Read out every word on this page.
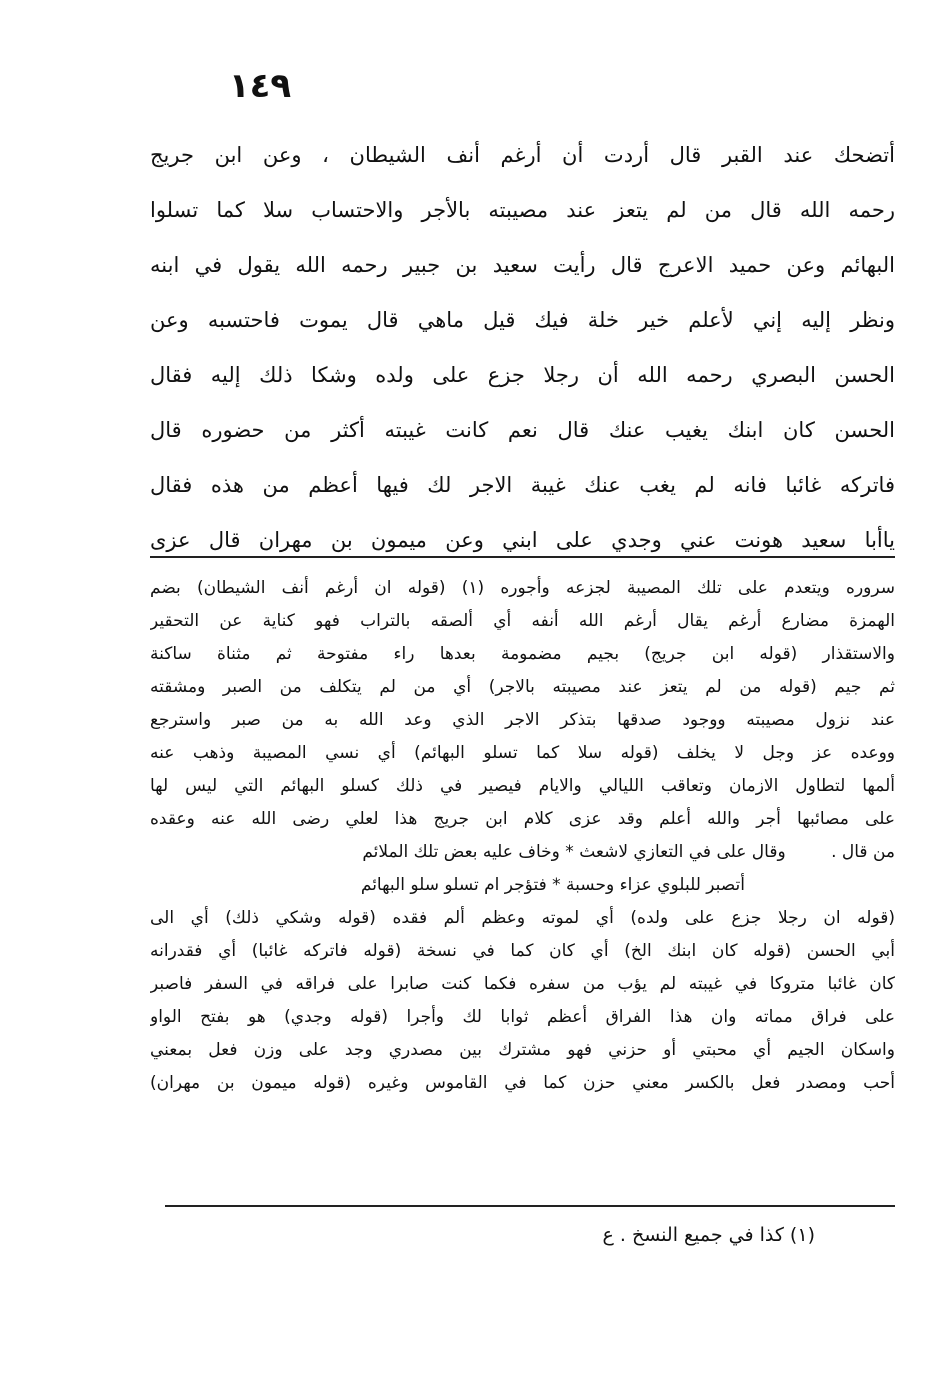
١٤٩
أتضحك عند القبر قال أردت أن أرغم أنف الشيطان ، وعن ابن جريج
رحمه الله قال من لم يتعز عند مصيبته بالأجر والاحتساب سلا كما تسلوا
البهائم وعن حميد الاعرج قال رأيت سعيد بن جبير رحمه الله يقول في ابنه
ونظر إليه إني لأعلم خير خلة فيك قيل ماهي قال يموت فاحتسبه وعن
الحسن البصري رحمه الله أن رجلا جزع على ولده وشكا ذلك إليه فقال
الحسن كان ابنك يغيب عنك قال نعم كانت غيبته أكثر من حضوره قال
فاتركه غائبا فانه لم يغب عنك غيبة الاجر لك فيها أعظم من هذه فقال
ياأبا سعيد هونت عني وجدي على ابني وعن ميمون بن مهران قال عزى
سروره ويتعدم على تلك المصيبة لجزعه وأجوره (١) (قوله ان أرغم أنف الشيطان) بضم
الهمزة مضارع أرغم يقال أرغم الله أنفه أي ألصقه بالتراب فهو كناية عن التحقير
والاستقذار (قوله ابن جريج) بجيم مضمومة بعدها راء مفتوحة ثم مثناة ساكنة
ثم جيم (قوله من لم يتعز عند مصيبته بالاجر) أي من لم يتكلف من الصبر ومشقته
عند نزول مصيبته ووجود صدقها بتذكر الاجر الذي وعد الله به من صبر واسترجع
ووعده عز وجل لا يخلف (قوله سلا كما تسلو البهائم) أي نسي المصيبة وذهب عنه
ألمها لتطاول الازمان وتعاقب الليالي والايام فيصير في ذلك كسلو البهائم التي ليس لها
على مصائبها أجر والله أعلم وقد عزى كلام ابن جريج هذا لعلي رضى الله عنه وعقده
من قال . وقال على في التعازي لاشعث * وخاف عليه بعض تلك الملائم
أتصبر للبلوي عزاء وحسبة * فتؤجر ام تسلو سلو البهائم
(قوله ان رجلا جزع على ولده) أي لموته وعظم ألم فقده (قوله وشكي ذلك) أي الى
أبي الحسن (قوله كان ابنك الخ) أي كان كما في نسخة (قوله فاتركه غائبا) أي فقدرانه
كان غائبا متروكا في غيبته لم يؤب من سفره فكما كنت صابرا على فراقه في السفر فاصبر
على فراق مماته وان هذا الفراق أعظم ثوابا لك وأجرا (قوله وجدي) هو بفتح الواو
واسكان الجيم أي محبتي أو حزني فهو مشترك بين مصدري وجد على وزن فعل بمعني
أحب ومصدر فعل بالكسر معني حزن كما في القاموس وغيره (قوله ميمون بن مهران)
(١) كذا في جميع النسخ . ع
